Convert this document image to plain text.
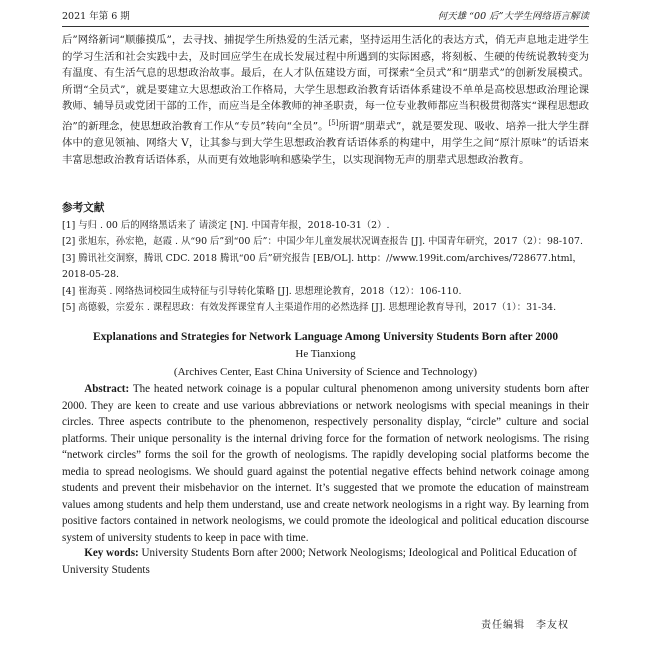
2021 年第 6 期	何天雄 “00 后”大学生网络语言解读

后”网络新词“顺藤摸瓜”，去寻找、捕捉学生所热爱的生活元素，坚持运用生活化的表达方式，俏无声息地走进学生的学习生活和社会实践中去，及时回应学生在成长发展过程中所遇到的实际困惑，将刻板、生硬的传统说教转变为有温度、有生活气息的思想政治故事。最后，在人才队伍建设方面，可探索“全员式”和“朋辈式”的创新发展模式。所谓“全员式”，就是要建立大思想政治工作格局，大学生思想政治教育话语体系建设不单单是高校思想政治理论课教师、辅导员或党团干部的工作，而应当是全体教师的神圣职责，每一位专业教师都应当积极贯彻落实“课程思想政治”的新理念，使思想政治教育工作从“专员”转向“全员”。[5]所谓“朋辈式”，就是要发现、吸收、培养一批大学生群体中的意见领袖、网络大 V，让其参与到大学生思想政治教育话语体系的构建中，用学生之间“原汁原味”的话语来丰富思想政治教育话语体系，从而更有效地影响和感染学生，以实现润物无声的朋辈式思想政治教育。

参考文献

[1] 与归 . 00 后的网络黑话来了 请淡定 [N]. 中国青年报，2018-10-31（2）.
[2] 张旭东，孙宏艳，赵霞 . 从“90 后”到“00 后”：中国少年儿童发展状况调查报告 [J]. 中国青年研究，2017（2）：98-107.
[3] 腾讯社交洞察，腾讯 CDC. 2018 腾讯“00 后”研究报告 [EB/OL]. http：//www.199it.com/archives/728677.html，2018-05-28.
[4] 崔海英 . 网络热词校园生成特征与引导转化策略 [J]. 思想理论教育，2018（12）：106-110.
[5] 高德毅，宗爱东 . 课程思政：有效发挥课堂育人主渠道作用的必然选择 [J]. 思想理论教育导刊，2017（1）：31-34.

Explanations and Strategies for Network Language Among University Students Born after 2000

He Tianxiong

(Archives Center, East China University of Science and Technology)

Abstract: The heated network coinage is a popular cultural phenomenon among university students born after 2000. They are keen to create and use various abbreviations or network neologisms with special meanings in their circles. Three aspects contribute to the phenomenon, respectively personality display, “circle” culture and social platforms. Their unique personality is the internal driving force for the formation of network neologisms. The rising “network circles” forms the soil for the growth of neologisms. The rapidly developing social platforms become the media to spread neologisms. We should guard against the potential negative effects behind network coinage among students and prevent their misbehavior on the internet. It’s suggested that we promote the education of mainstream values among students and help them understand, use and create network neologisms in a right way. By learning from positive factors contained in network neologisms, we could promote the ideological and political education discourse system of university students to keep in pace with time.

Key words: University Students Born after 2000; Network Neologisms; Ideological and Political Education of University Students

责任编辑　李友权
